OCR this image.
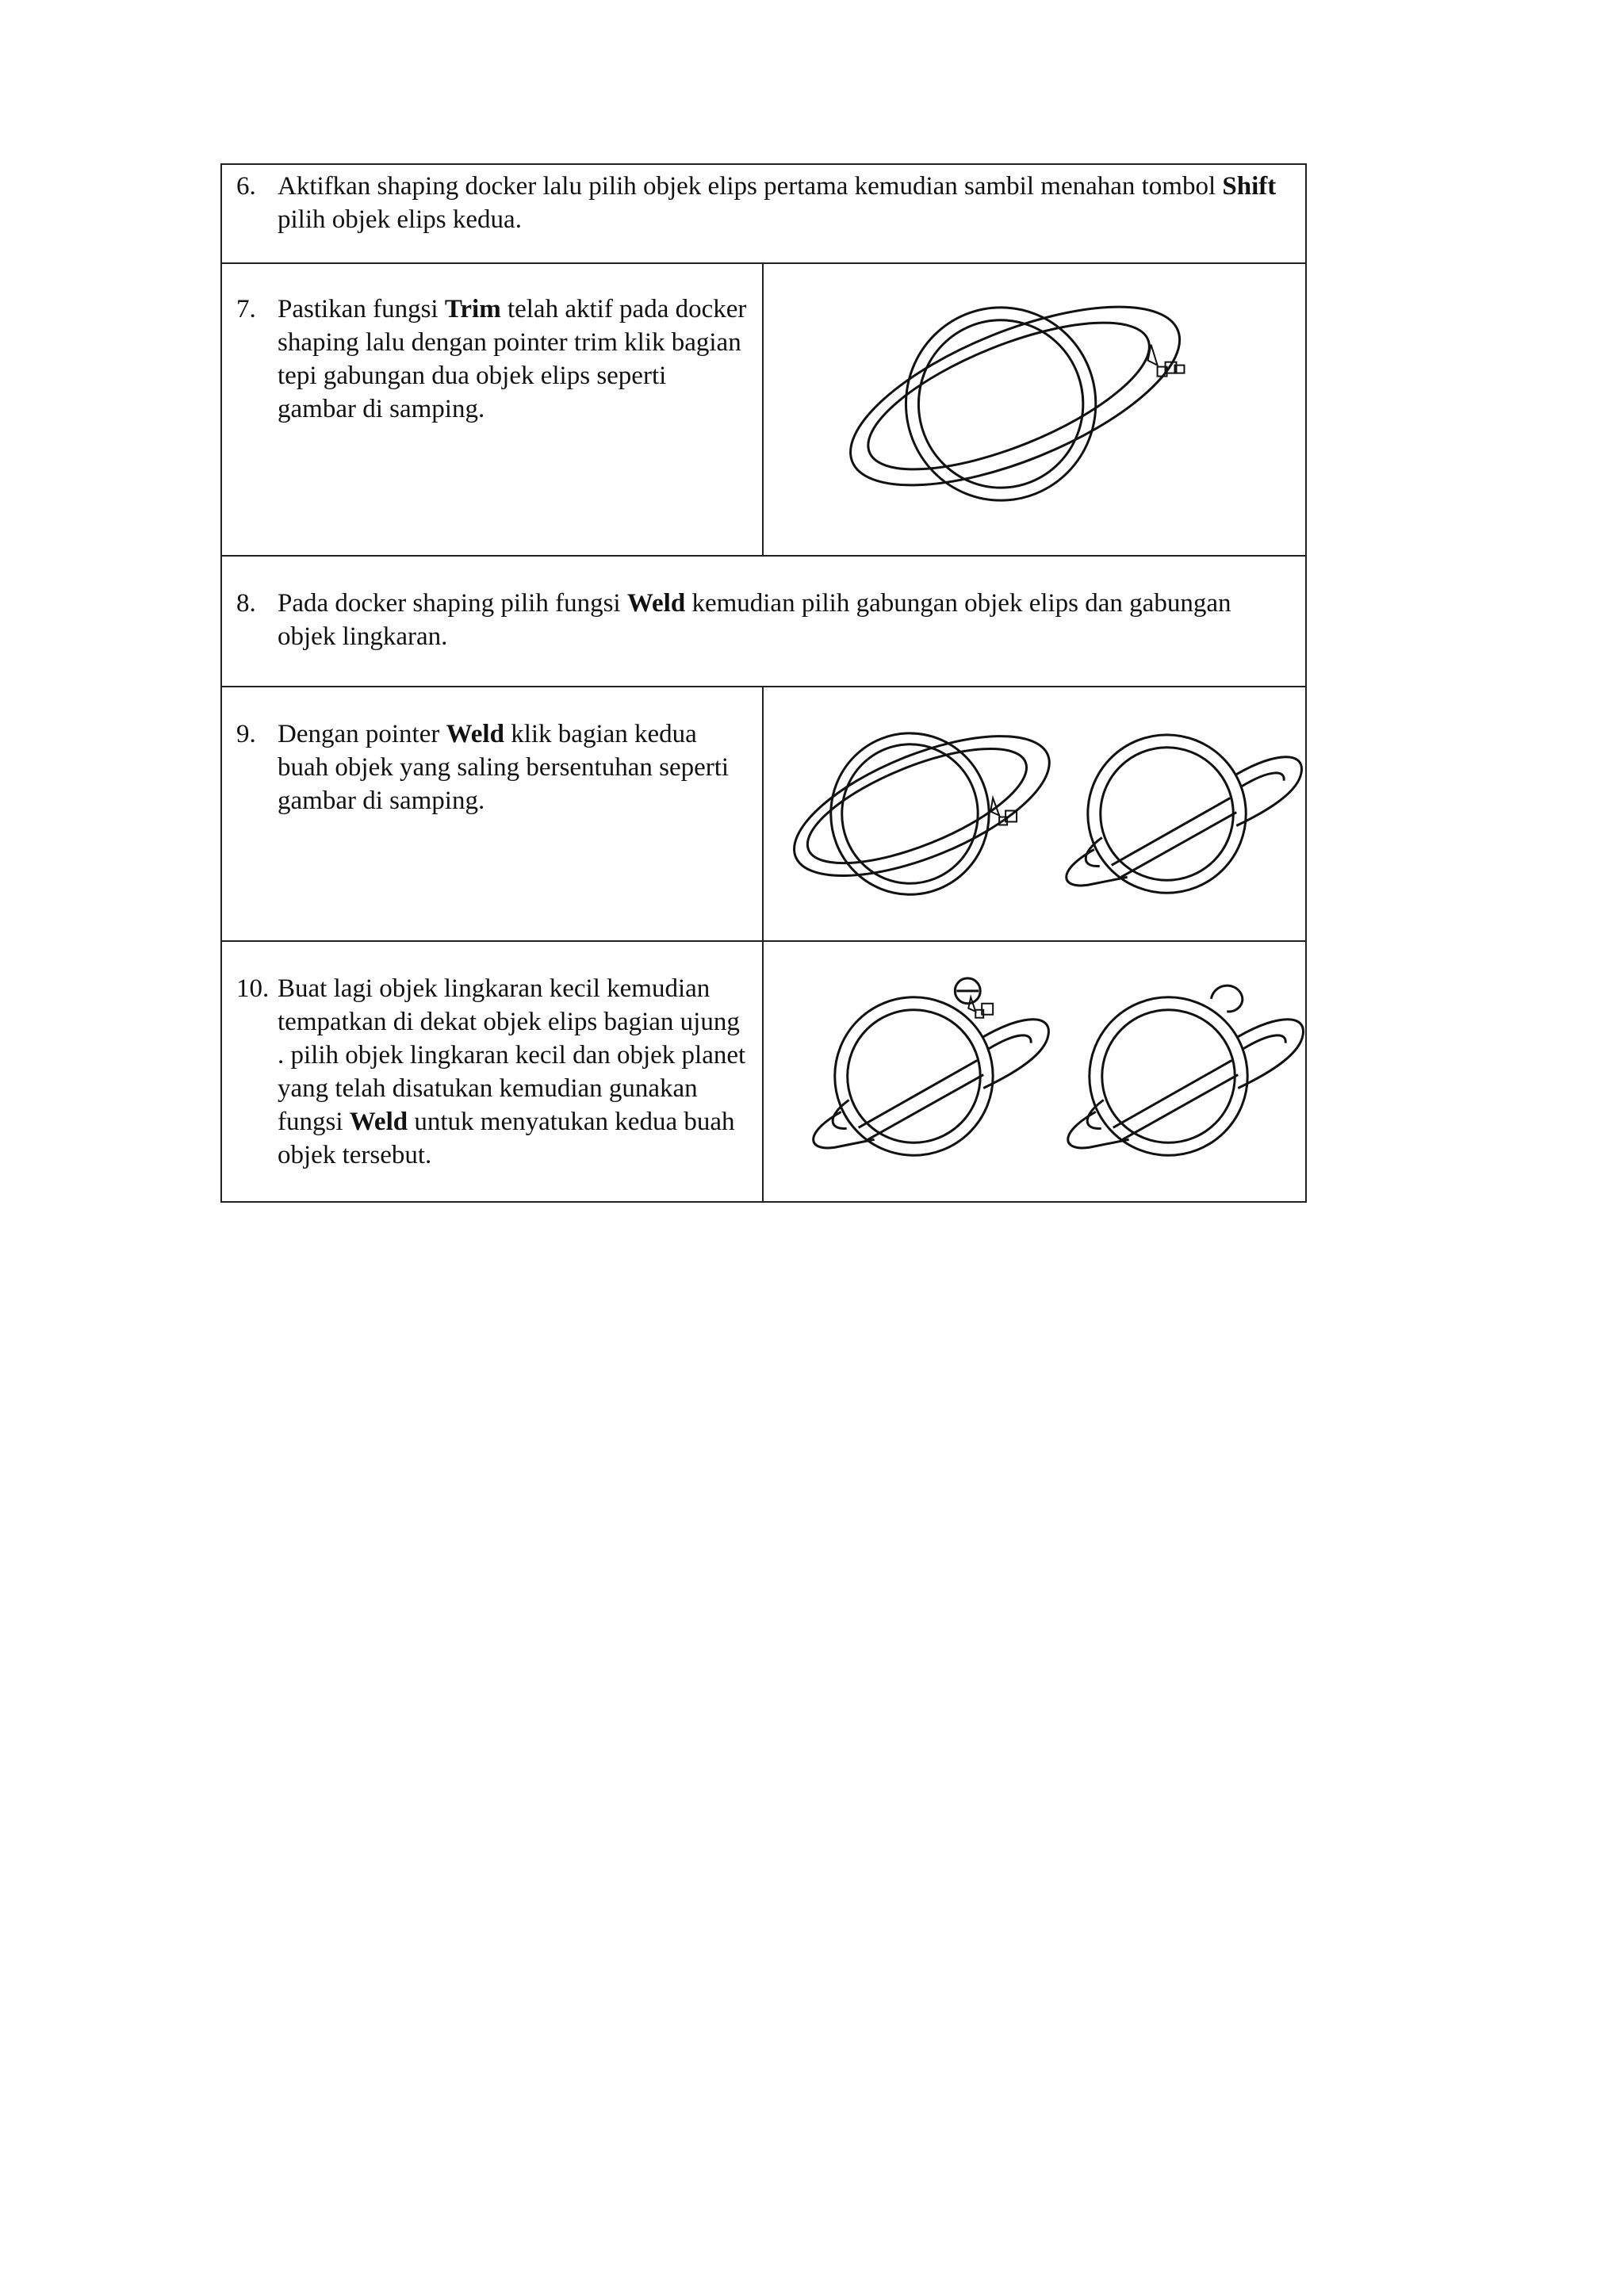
6. Aktifkan shaping docker lalu pilih objek elips pertama kemudian sambil menahan tombol Shift pilih objek elips kedua.	

7. Pastikan fungsi Trim telah aktif pada docker shaping lalu dengan pointer trim klik bagian tepi gabungan dua objek elips seperti gambar di samping.

8. Pada docker shaping pilih fungsi Weld kemudian pilih gabungan objek elips dan gabungan objek lingkaran.	

9. Dengan pointer Weld klik bagian kedua buah objek yang saling bersentuhan seperti gambar di samping.

10. Buat lagi objek lingkaran kecil kemudian tempatkan di dekat objek elips bagian ujung . pilih objek lingkaran kecil dan objek planet yang telah disatukan kemudian gunakan fungsi Weld untuk menyatukan kedua buah objek tersebut.
